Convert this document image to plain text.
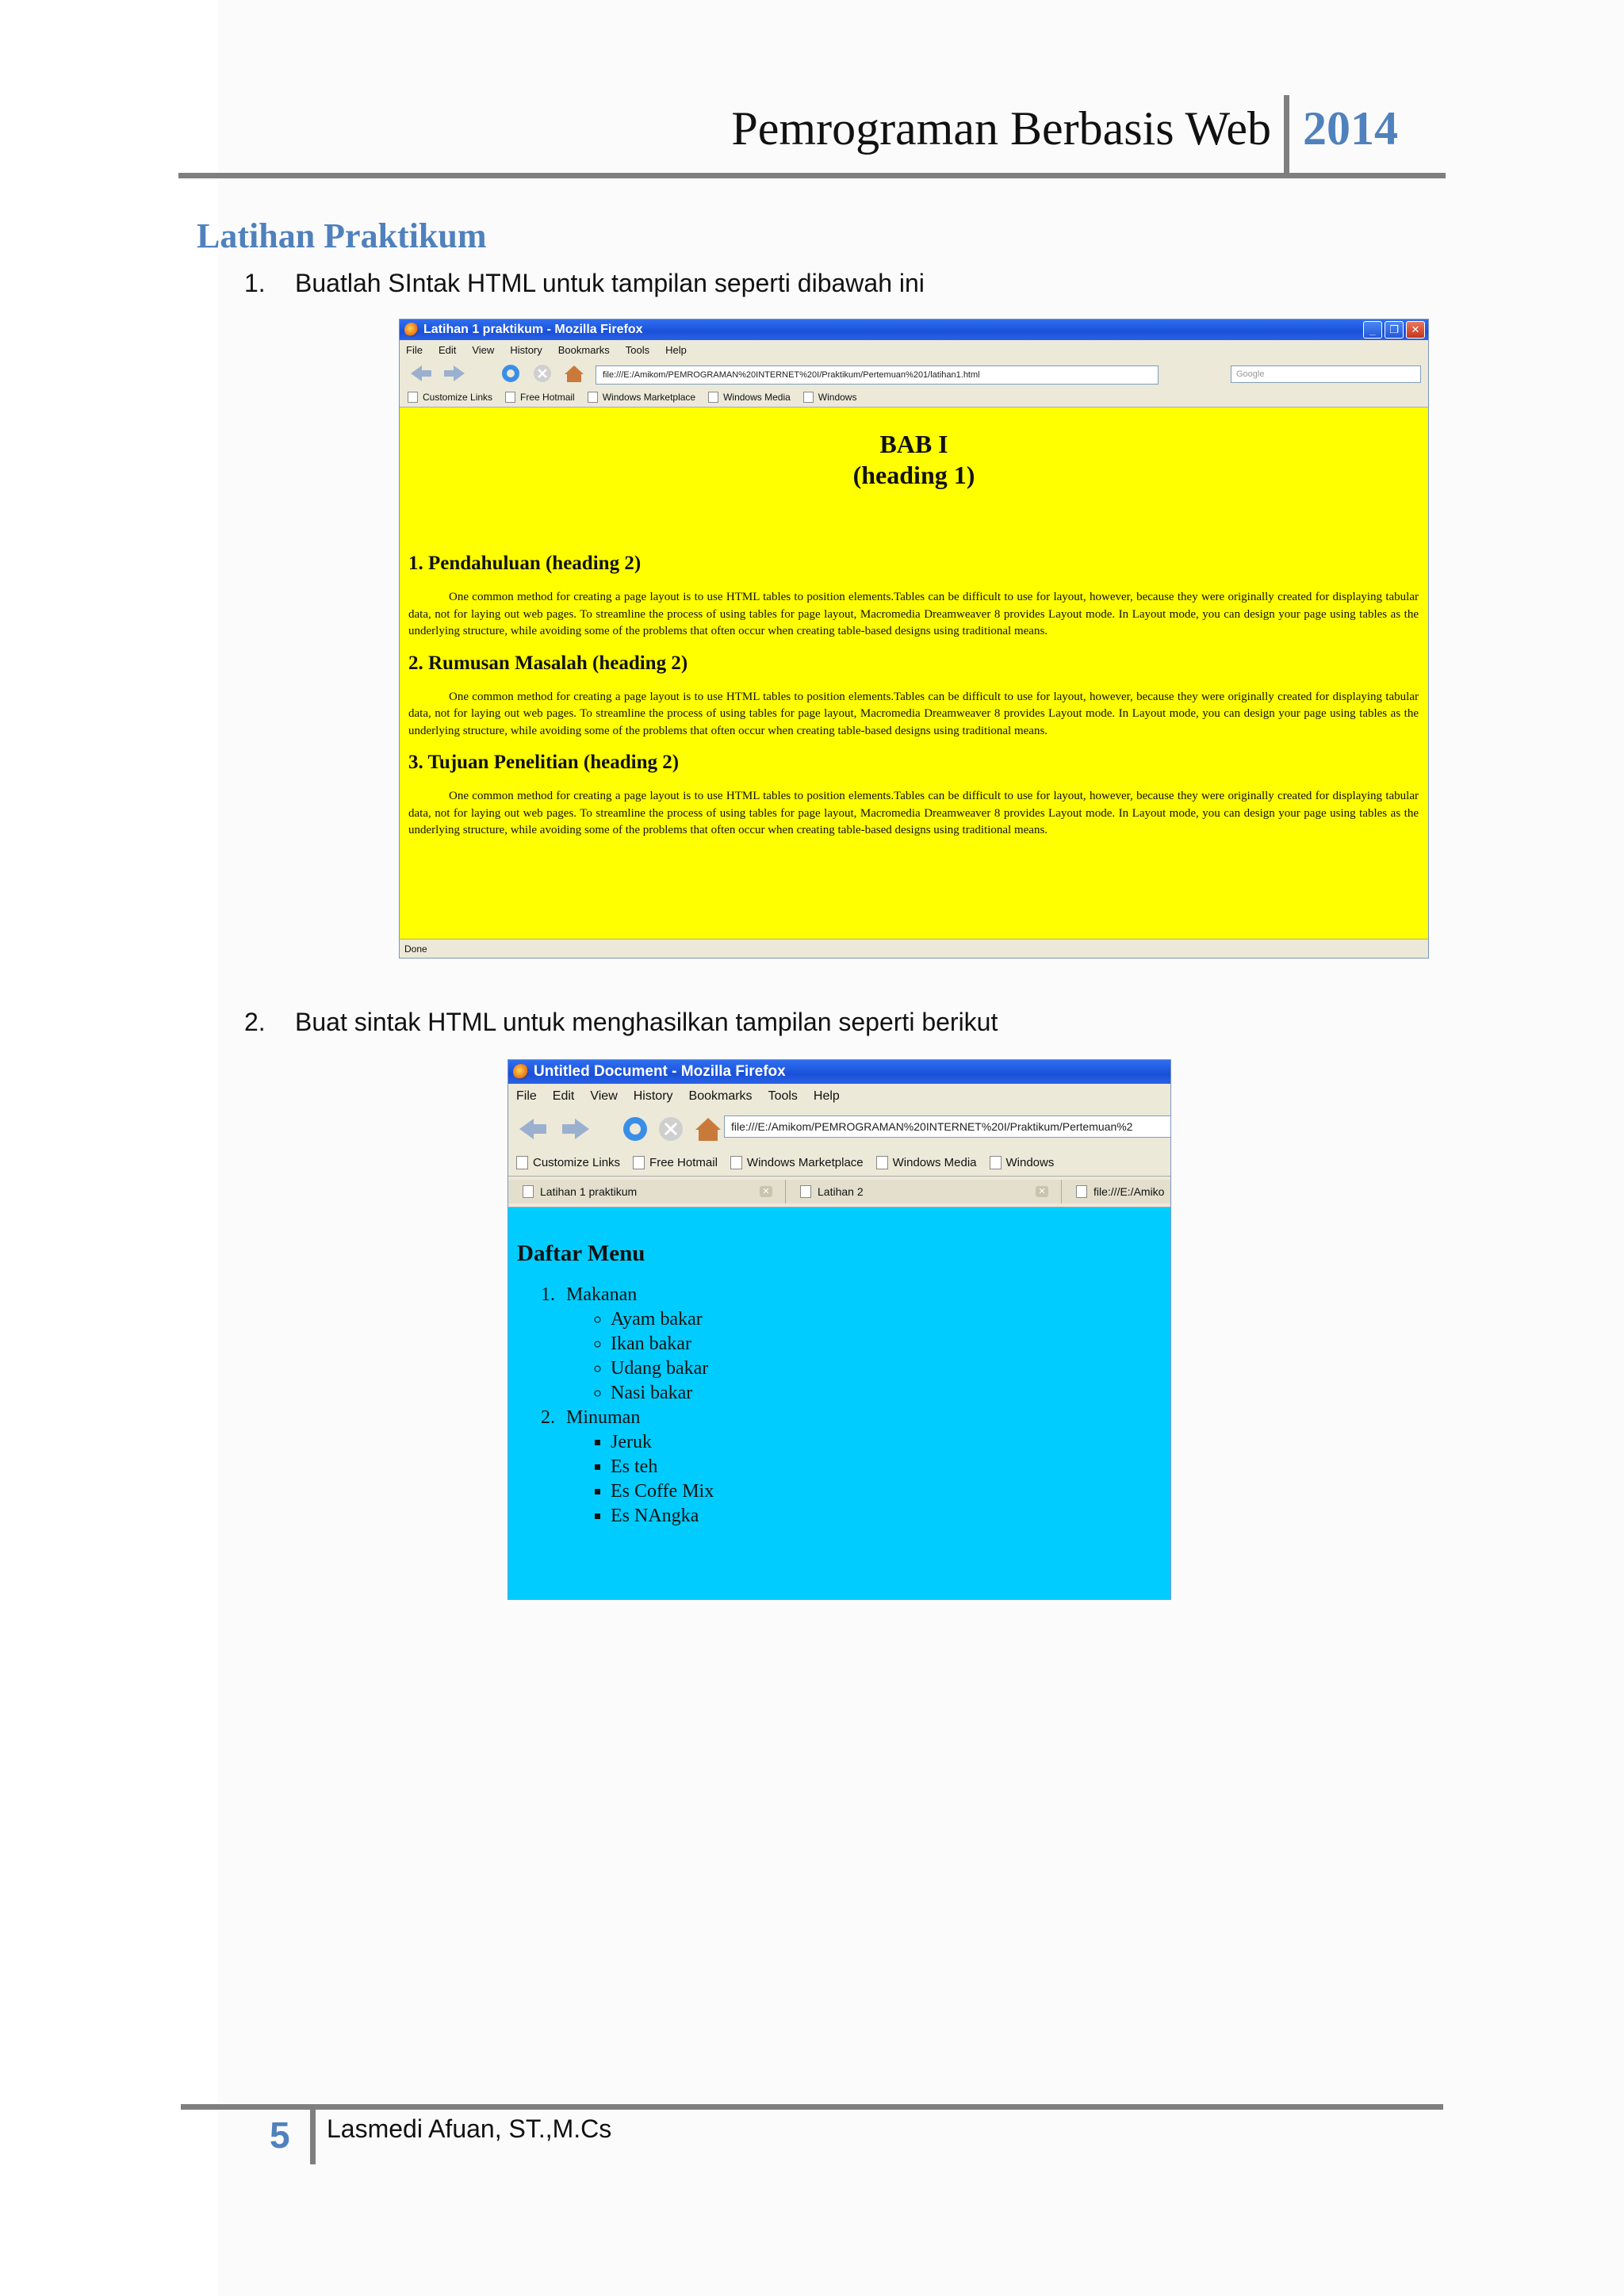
Pemrograman Berbasis Web 2014
Latihan Praktikum
1. Buatlah SIntak HTML untuk tampilan seperti dibawah ini
Latihan 1 praktikum - Mozilla Firefox	_	❐	✕
File Edit View History Bookmarks Tools Help
file:///E:/Amikom/PEMROGRAMAN%20INTERNET%20I/Praktikum/Pertemuan%201/latihan1.html	Google
Customize Links	Free Hotmail	Windows Marketplace	Windows Media	Windows
BAB I
(heading 1)
1. Pendahuluan (heading 2)
One common method for creating a page layout is to use HTML tables to position elements.Tables can be difficult to use for layout, however, because they were originally created for displaying tabular data, not for laying out web pages. To streamline the process of using tables for page layout, Macromedia Dreamweaver 8 provides Layout mode. In Layout mode, you can design your page using tables as the underlying structure, while avoiding some of the problems that often occur when creating table-based designs using traditional means.
2. Rumusan Masalah (heading 2)
One common method for creating a page layout is to use HTML tables to position elements.Tables can be difficult to use for layout, however, because they were originally created for displaying tabular data, not for laying out web pages. To streamline the process of using tables for page layout, Macromedia Dreamweaver 8 provides Layout mode. In Layout mode, you can design your page using tables as the underlying structure, while avoiding some of the problems that often occur when creating table-based designs using traditional means.
3. Tujuan Penelitian (heading 2)
One common method for creating a page layout is to use HTML tables to position elements.Tables can be difficult to use for layout, however, because they were originally created for displaying tabular data, not for laying out web pages. To streamline the process of using tables for page layout, Macromedia Dreamweaver 8 provides Layout mode. In Layout mode, you can design your page using tables as the underlying structure, while avoiding some of the problems that often occur when creating table-based designs using traditional means.
Done
2. Buat sintak HTML untuk menghasilkan tampilan seperti berikut
Untitled Document - Mozilla Firefox
File Edit View History Bookmarks Tools Help
file:///E:/Amikom/PEMROGRAMAN%20INTERNET%20I/Praktikum/Pertemuan%2
Customize Links Free Hotmail Windows Marketplace Windows Media Windows
Latihan 1 praktikum	✕	Latihan 2	✕	file:///E:/Amiko
Daftar Menu
1. Makanan
◦ Ayam bakar
◦ Ikan bakar
◦ Udang bakar
◦ Nasi bakar
2. Minuman
▪ Jeruk
▪ Es teh
▪ Es Coffe Mix
▪ Es NAngka
5 Lasmedi Afuan, ST.,M.Cs
